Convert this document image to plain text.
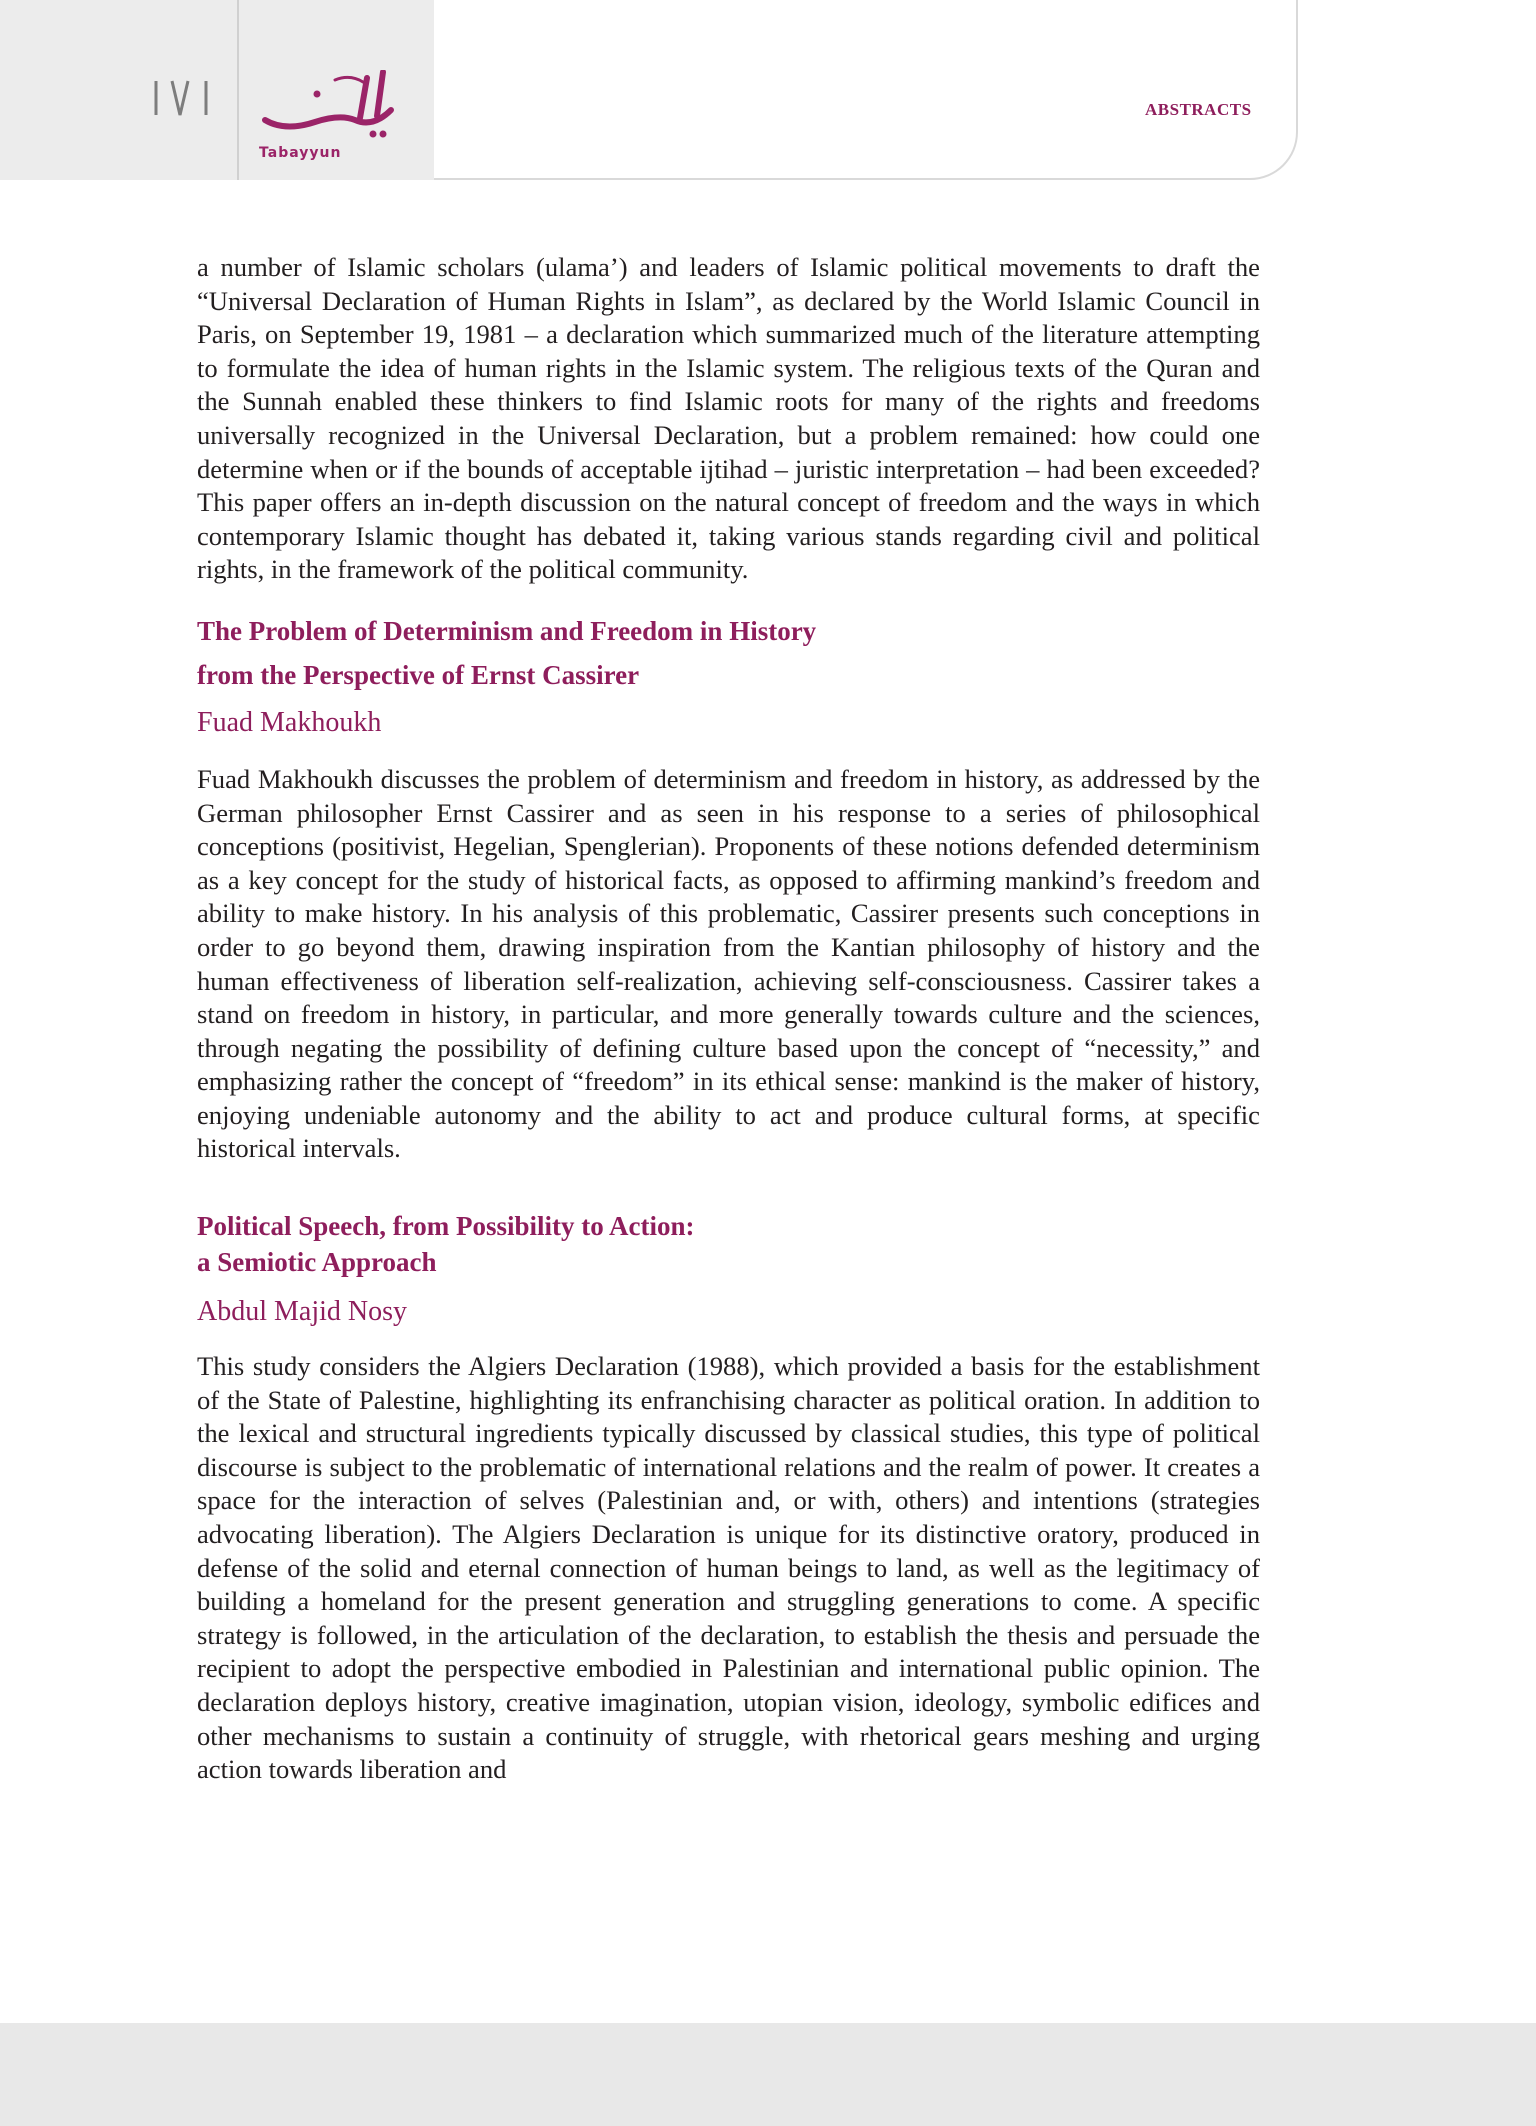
Tabayyun
ABSTRACTS

a number of Islamic scholars (ulama’) and leaders of Islamic political movements to draft the “Universal Declaration of Human Rights in Islam”, as declared by the World Islamic Council in Paris, on September 19, 1981 – a declaration which summarized much of the literature attempting to formulate the idea of human rights in the Islamic system. The religious texts of the Quran and the Sunnah enabled these thinkers to find Islamic roots for many of the rights and freedoms universally recognized in the Universal Declaration, but a problem remained: how could one determine when or if the bounds of acceptable ijtihad – juristic interpretation – had been exceeded? This paper offers an in-depth discussion on the natural concept of freedom and the ways in which contemporary Islamic thought has debated it, taking various stands regarding civil and political rights, in the framework of the political community.

The Problem of Determinism and Freedom in History

from the Perspective of Ernst Cassirer

Fuad Makhoukh

Fuad Makhoukh discusses the problem of determinism and freedom in history, as addressed by the German philosopher Ernst Cassirer and as seen in his response to a series of philosophical conceptions (positivist, Hegelian, Spenglerian). Proponents of these notions defended determinism as a key concept for the study of historical facts, as opposed to affirming mankind’s freedom and ability to make history. In his analysis of this problematic, Cassirer presents such conceptions in order to go beyond them, drawing inspiration from the Kantian philosophy of history and the human effectiveness of liberation self-realization, achieving self-consciousness. Cassirer takes a stand on freedom in history, in particular, and more generally towards culture and the sciences, through negating the possibility of defining culture based upon the concept of “necessity,” and emphasizing rather the concept of “freedom” in its ethical sense: mankind is the maker of history, enjoying undeniable autonomy and the ability to act and produce cultural forms, at specific historical intervals.

Political Speech, from Possibility to Action:

a Semiotic Approach

Abdul Majid Nosy

This study considers the Algiers Declaration (1988), which provided a basis for the establishment of the State of Palestine, highlighting its enfranchising character as political oration. In addition to the lexical and structural ingredients typically discussed by classical studies, this type of political discourse is subject to the problematic of international relations and the realm of power. It creates a space for the interaction of selves (Palestinian and, or with, others) and intentions (strategies advocating liberation). The Algiers Declaration is unique for its distinctive oratory, produced in defense of the solid and eternal connection of human beings to land, as well as the legitimacy of building a homeland for the present generation and struggling generations to come. A specific strategy is followed, in the articulation of the declaration, to establish the thesis and persuade the recipient to adopt the perspective embodied in Palestinian and international public opinion. The declaration deploys history, creative imagination, utopian vision, ideology, symbolic edifices and other mechanisms to sustain a continuity of struggle, with rhetorical gears meshing and urging action towards liberation and
